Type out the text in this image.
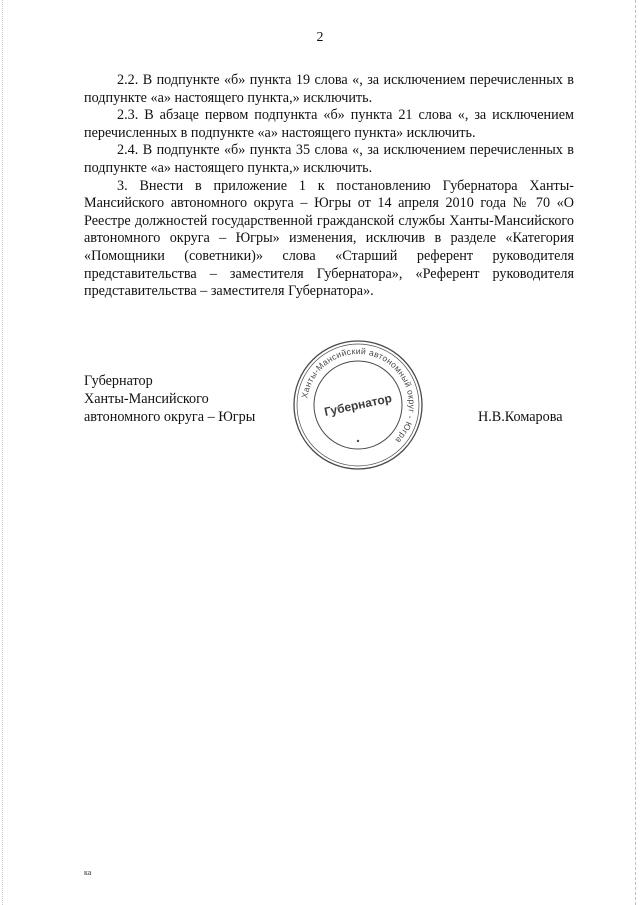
2

2.2. В подпункте «б» пункта 19 слова «, за исключением перечисленных в подпункте «а» настоящего пункта,» исключить.

2.3. В абзаце первом подпункта «б» пункта 21 слова «, за исключением перечисленных в подпункте «а» настоящего пункта» исключить.

2.4. В подпункте «б» пункта 35 слова «, за исключением перечисленных в подпункте «а» настоящего пункта,» исключить.

3. Внести в приложение 1 к постановлению Губернатора Ханты-Мансийского автономного округа – Югры от 14 апреля 2010 года № 70 «О Реестре должностей государственной гражданской службы Ханты-Мансийского автономного округа – Югры» изменения, исключив в разделе «Категория «Помощники (советники)» слова «Старший референт руководителя представительства – заместителя Губернатора», «Референт руководителя представительства – заместителя Губернатора».

Губернатор
Ханты-Мансийского
автономного округа – Югры	Н.В.Комарова
Ханты-Мансийский автономный округ - Югра
Губернатор
ка
